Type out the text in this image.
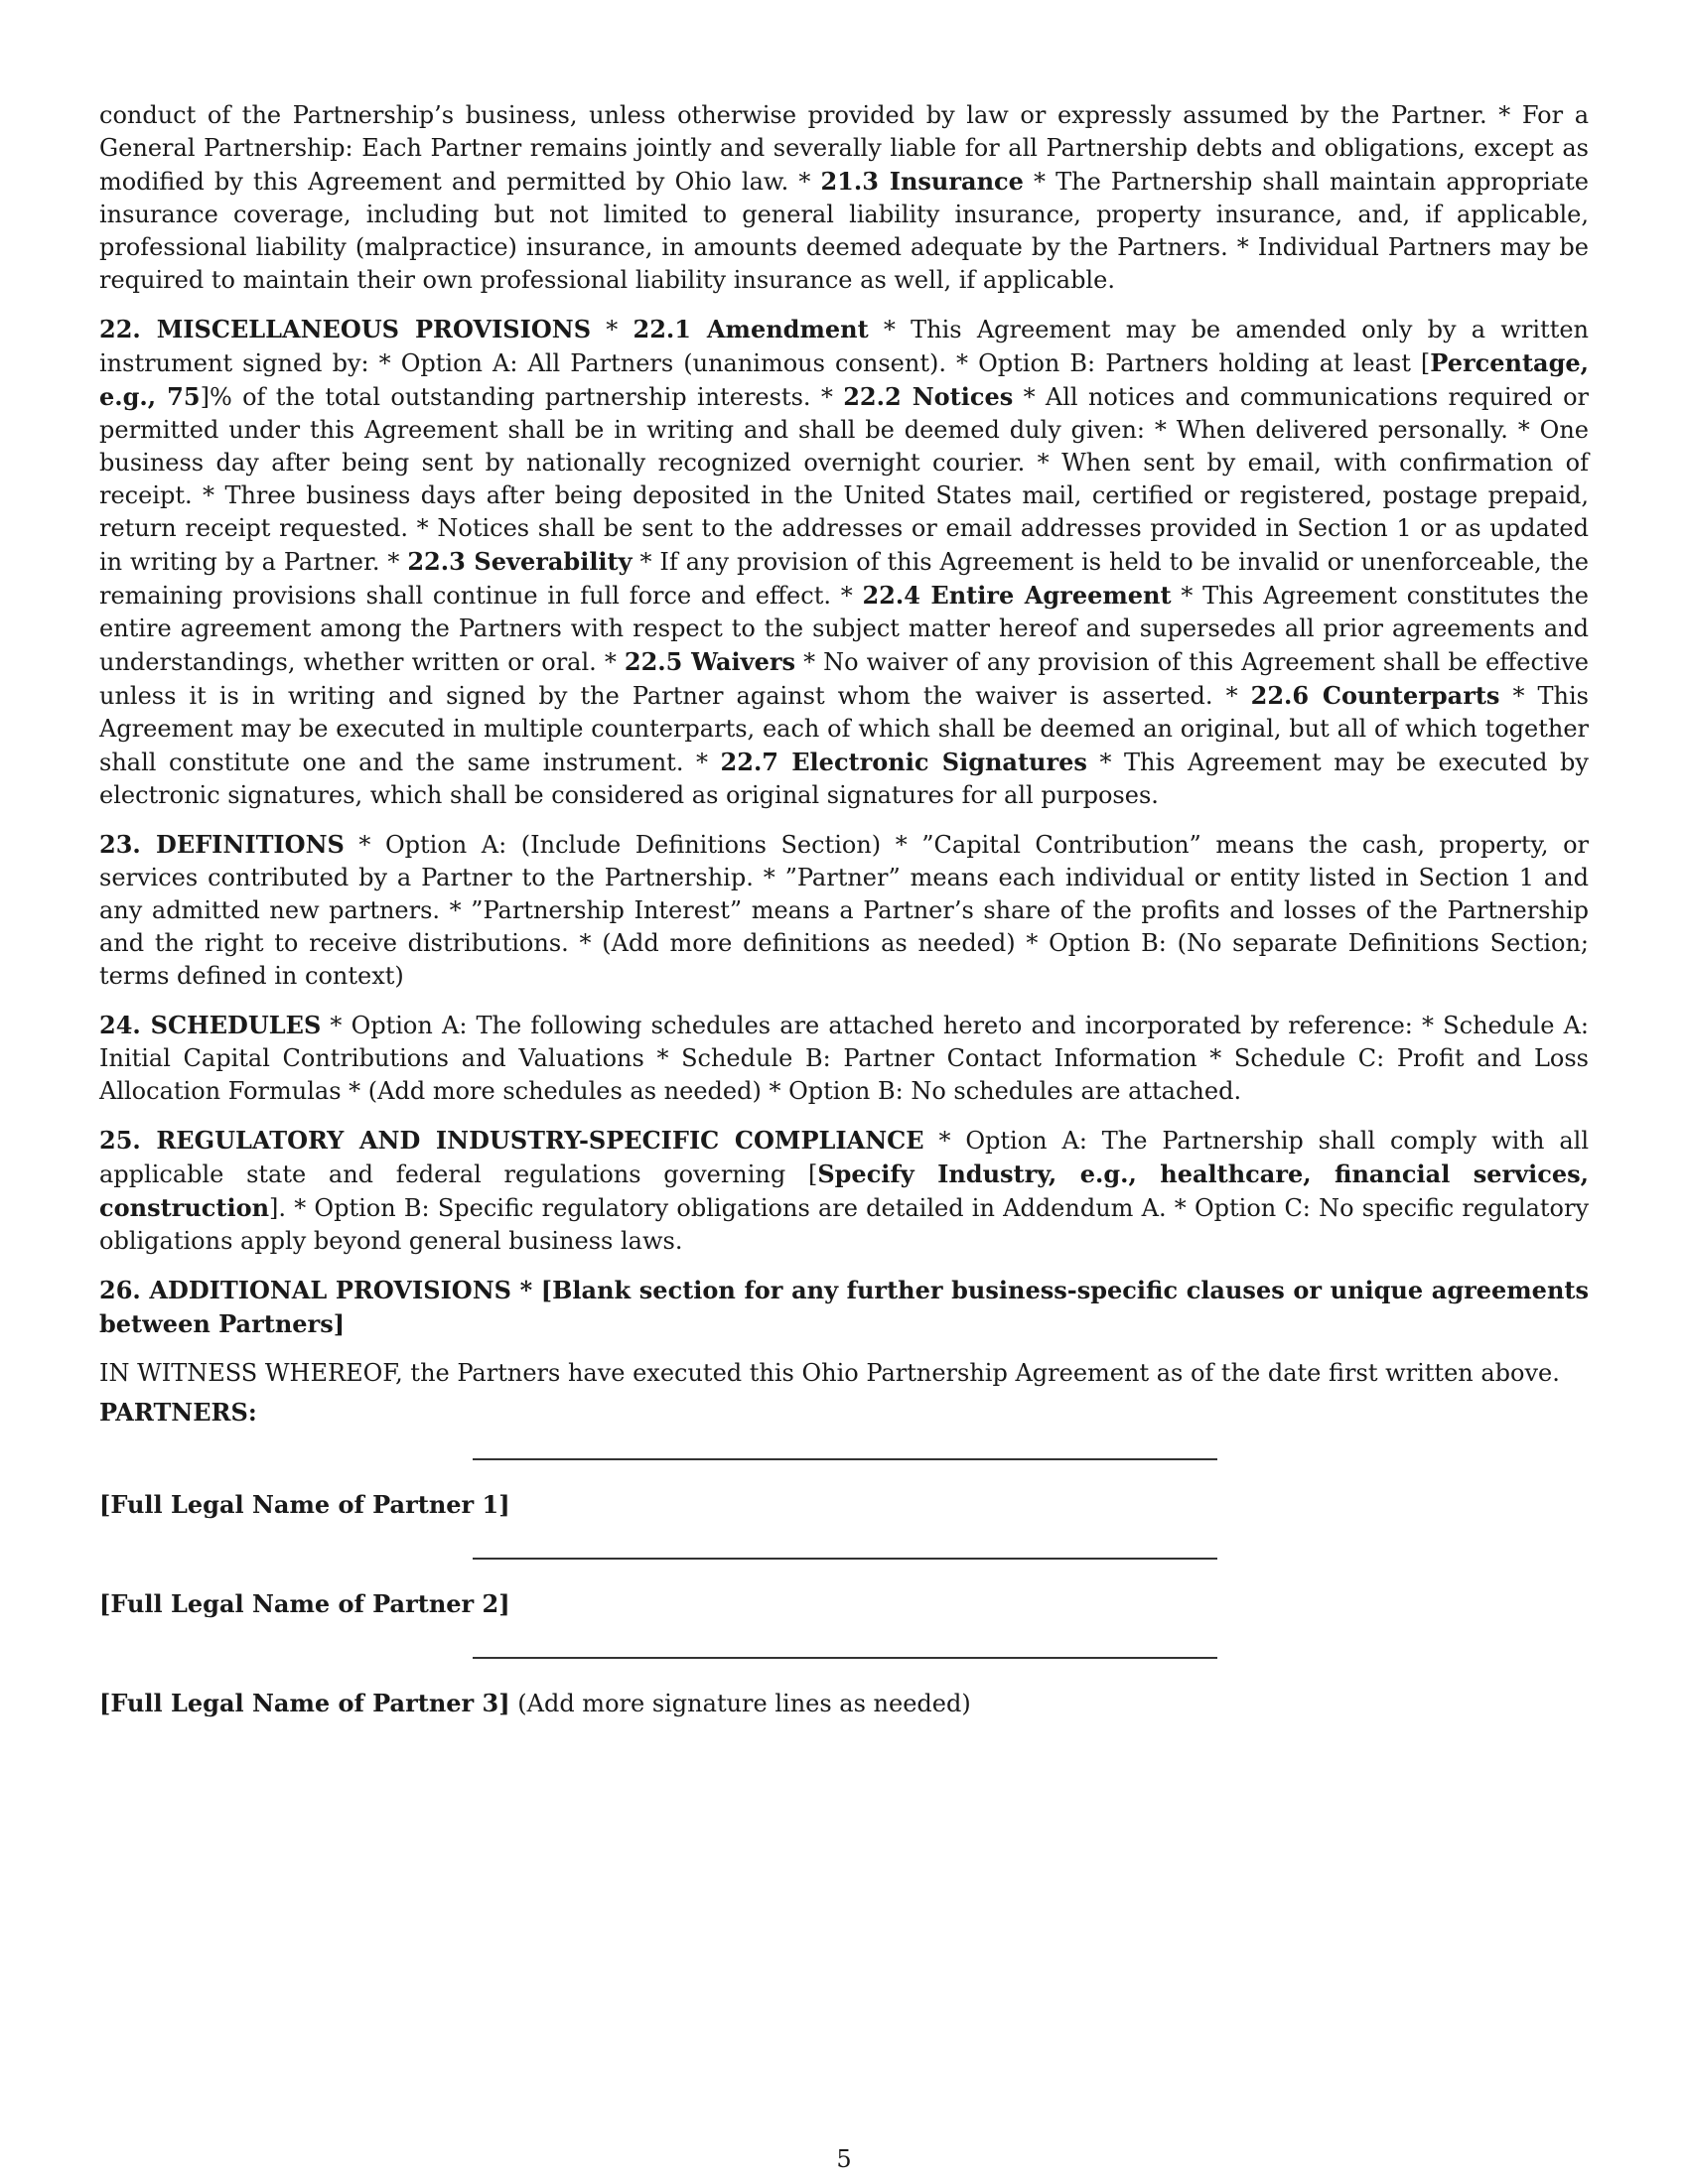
conduct of the Partnership’s business, unless otherwise provided by law or expressly assumed by the Partner. * For a General Partnership: Each Partner remains jointly and severally liable for all Partnership debts and obligations, except as modified by this Agreement and permitted by Ohio law. * 21.3 Insurance * The Partnership shall maintain appropriate insurance coverage, including but not limited to general liability insurance, property insurance, and, if applicable, professional liability (malpractice) insurance, in amounts deemed adequate by the Partners. * Individual Partners may be required to maintain their own professional liability insurance as well, if applicable.

22. MISCELLANEOUS PROVISIONS * 22.1 Amendment * This Agreement may be amended only by a written instrument signed by: * Option A: All Partners (unanimous consent). * Option B: Partners holding at least [Percentage, e.g., 75]% of the total outstanding partnership interests. * 22.2 Notices * All notices and communications required or permitted under this Agreement shall be in writing and shall be deemed duly given: * When delivered personally. * One business day after being sent by nationally recognized overnight courier. * When sent by email, with confirmation of receipt. * Three business days after being deposited in the United States mail, certified or registered, postage prepaid, return receipt requested. * Notices shall be sent to the addresses or email addresses provided in Section 1 or as updated in writing by a Partner. * 22.3 Severability * If any provision of this Agreement is held to be invalid or unenforceable, the remaining provisions shall continue in full force and effect. * 22.4 Entire Agreement * This Agreement constitutes the entire agreement among the Partners with respect to the subject matter hereof and supersedes all prior agreements and understandings, whether written or oral. * 22.5 Waivers * No waiver of any provision of this Agreement shall be effective unless it is in writing and signed by the Partner against whom the waiver is asserted. * 22.6 Counterparts * This Agreement may be executed in multiple counterparts, each of which shall be deemed an original, but all of which together shall constitute one and the same instrument. * 22.7 Electronic Signatures * This Agreement may be executed by electronic signatures, which shall be considered as original signatures for all purposes.

23. DEFINITIONS * Option A: (Include Definitions Section) * ”Capital Contribution” means the cash, property, or services contributed by a Partner to the Partnership. * ”Partner” means each individual or entity listed in Section 1 and any admitted new partners. * ”Partnership Interest” means a Partner’s share of the profits and losses of the Partnership and the right to receive distributions. * (Add more definitions as needed) * Option B: (No separate Definitions Section; terms defined in context)

24. SCHEDULES * Option A: The following schedules are attached hereto and incorporated by reference: * Schedule A: Initial Capital Contributions and Valuations * Schedule B: Partner Contact Information * Schedule C: Profit and Loss Allocation Formulas * (Add more schedules as needed) * Option B: No schedules are attached.

25. REGULATORY AND INDUSTRY-SPECIFIC COMPLIANCE * Option A: The Partnership shall comply with all applicable state and federal regulations governing [Specify Industry, e.g., healthcare, financial services, construction]. * Option B: Specific regulatory obligations are detailed in Addendum A. * Option C: No specific regulatory obligations apply beyond general business laws.

26. ADDITIONAL PROVISIONS * [Blank section for any further business-specific clauses or unique agreements between Partners]

IN WITNESS WHEREOF, the Partners have executed this Ohio Partnership Agreement as of the date first written above.

PARTNERS:

[Full Legal Name of Partner 1]
[Full Legal Name of Partner 2]
[Full Legal Name of Partner 3] (Add more signature lines as needed)
5
